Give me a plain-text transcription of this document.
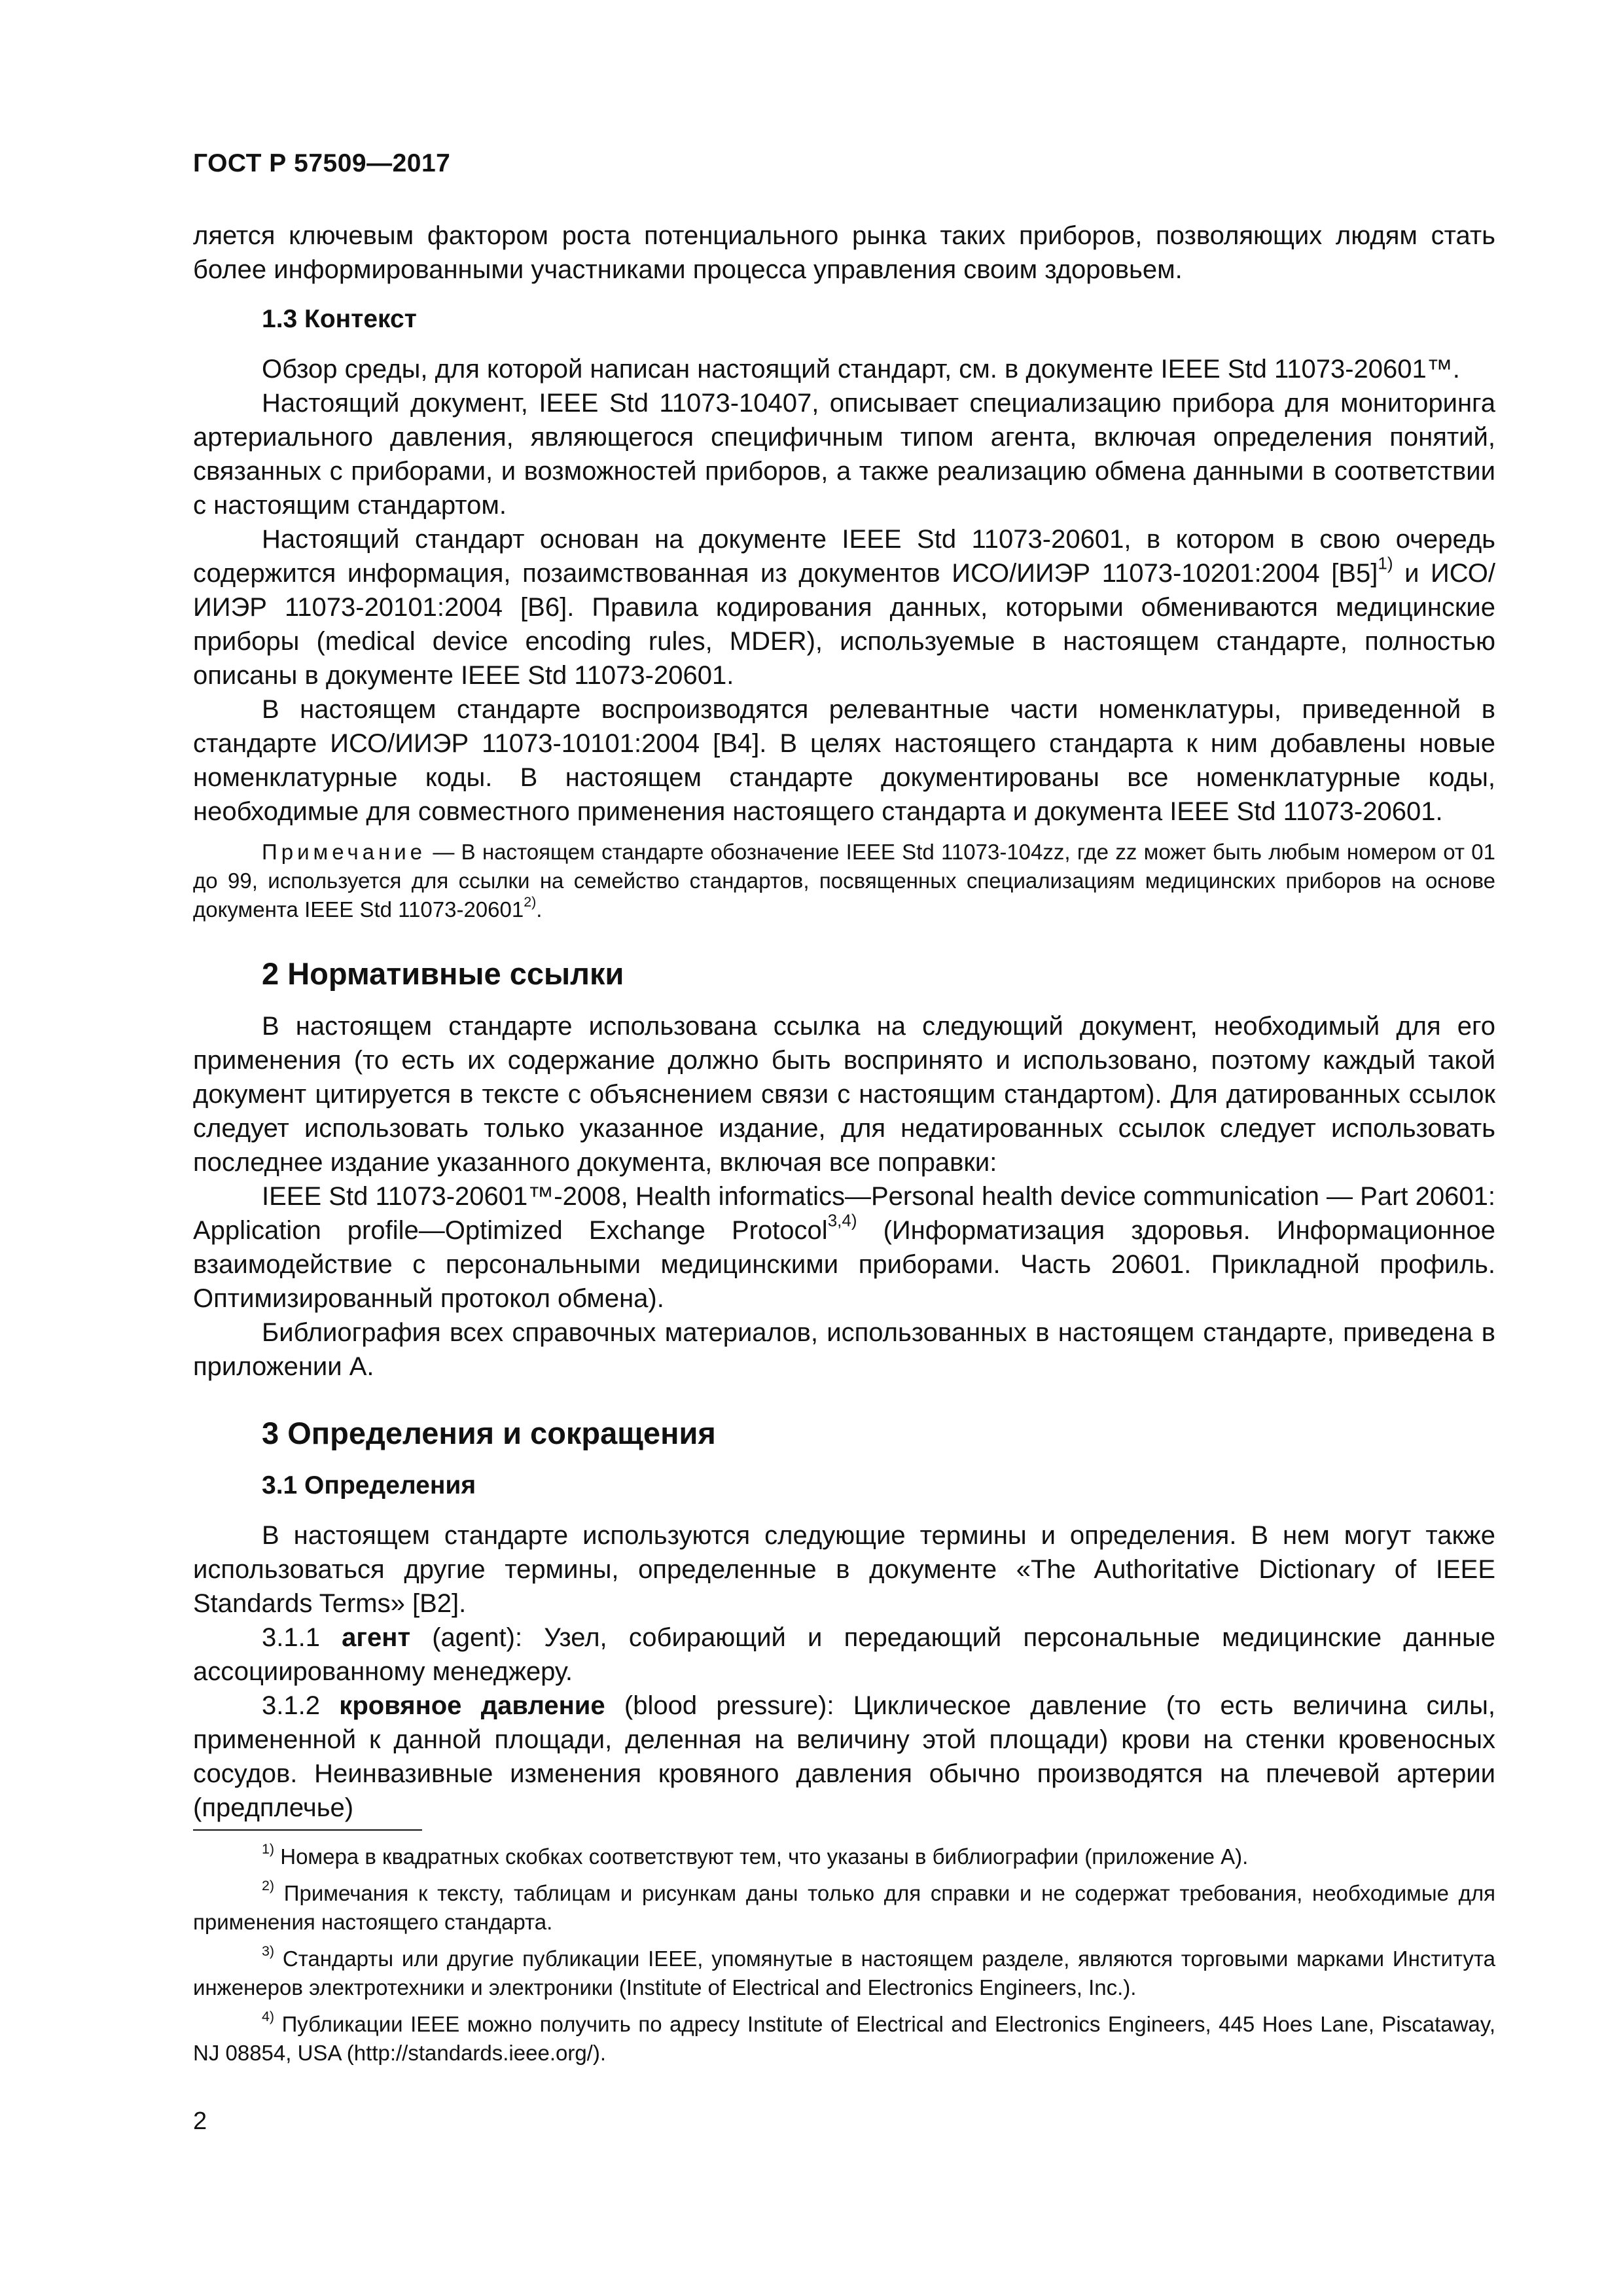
ГОСТ Р 57509—2017

ляется ключевым фактором роста потенциального рынка таких приборов, позволяющих людям стать более информированными участниками процесса управления своим здоровьем.

1.3 Контекст

Обзор среды, для которой написан настоящий стандарт, см. в документе IEEE Std 11073-20601™.

Настоящий документ, IEEE Std 11073-10407, описывает специализацию прибора для мониторинга артериального давления, являющегося специфичным типом агента, включая определения понятий, связанных с приборами, и возможностей приборов, а также реализацию обмена данными в соответствии с настоящим стандартом.

Настоящий стандарт основан на документе IEEE Std 11073-20601, в котором в свою очередь содержится информация, позаимствованная из документов ИСО/ИИЭР 11073-10201:2004 $[B5]^{1)}$ и ИСО/ИИЭР 11073-20101:2004 [B6]. Правила кодирования данных, которыми обмениваются медицинские приборы (medical device encoding rules, MDER), используемые в настоящем стандарте, полностью описаны в документе IEEE Std 11073-20601.

В настоящем стандарте воспроизводятся релевантные части номенклатуры, приведенной в стандарте ИСО/ИИЭР 11073-10101:2004 [B4]. В целях настоящего стандарта к ним добавлены новые номенклатурные коды. В настоящем стандарте документированы все номенклатурные коды, необходимые для совместного применения настоящего стандарта и документа IEEE Std 11073-20601.

Примечание — В настоящем стандарте обозначение IEEE Std 11073-104zz, где zz может быть любым номером от 01 до 99, используется для ссылки на семейство стандартов, посвященных специализациям медицинских приборов на основе документа IEEE Std 11073-20601$^{2)}$.

2 Нормативные ссылки

В настоящем стандарте использована ссылка на следующий документ, необходимый для его применения (то есть их содержание должно быть воспринято и использовано, поэтому каждый такой документ цитируется в тексте с объяснением связи с настоящим стандартом). Для датированных ссылок следует использовать только указанное издание, для недатированных ссылок следует использовать последнее издание указанного документа, включая все поправки:

IEEE Std 11073-20601™-2008, Health informatics—Personal health device communication — Part 20601: Application profile—Optimized Exchange Protocol$^{3,4)}$ (Информатизация здоровья. Информационное взаимодействие с персональными медицинскими приборами. Часть 20601. Прикладной профиль. Оптимизированный протокол обмена).

Библиография всех справочных материалов, использованных в настоящем стандарте, приведена в приложении А.

3 Определения и сокращения

3.1 Определения

В настоящем стандарте используются следующие термины и определения. В нем могут также использоваться другие термины, определенные в документе «The Authoritative Dictionary of IEEE Standards Terms» [B2].

3.1.1 агент (agent): Узел, собирающий и передающий персональные медицинские данные ассоциированному менеджеру.

3.1.2 кровяное давление (blood pressure): Циклическое давление (то есть величина силы, примененной к данной площади, деленная на величину этой площади) крови на стенки кровеносных сосудов. Неинвазивные изменения кровяного давления обычно производятся на плечевой артерии (предплечье)

$^{1)}$ Номера в квадратных скобках соответствуют тем, что указаны в библиографии (приложение А).

$^{2)}$ Примечания к тексту, таблицам и рисункам даны только для справки и не содержат требования, необходимые для применения настоящего стандарта.

$^{3)}$ Стандарты или другие публикации IEEE, упомянутые в настоящем разделе, являются торговыми марками Института инженеров электротехники и электроники (Institute of Electrical and Electronics Engineers, Inc.).

$^{4)}$ Публикации IEEE можно получить по адресу Institute of Electrical and Electronics Engineers, 445 Hoes Lane, Piscataway, NJ 08854, USA (http://standards.ieee.org/).

2
